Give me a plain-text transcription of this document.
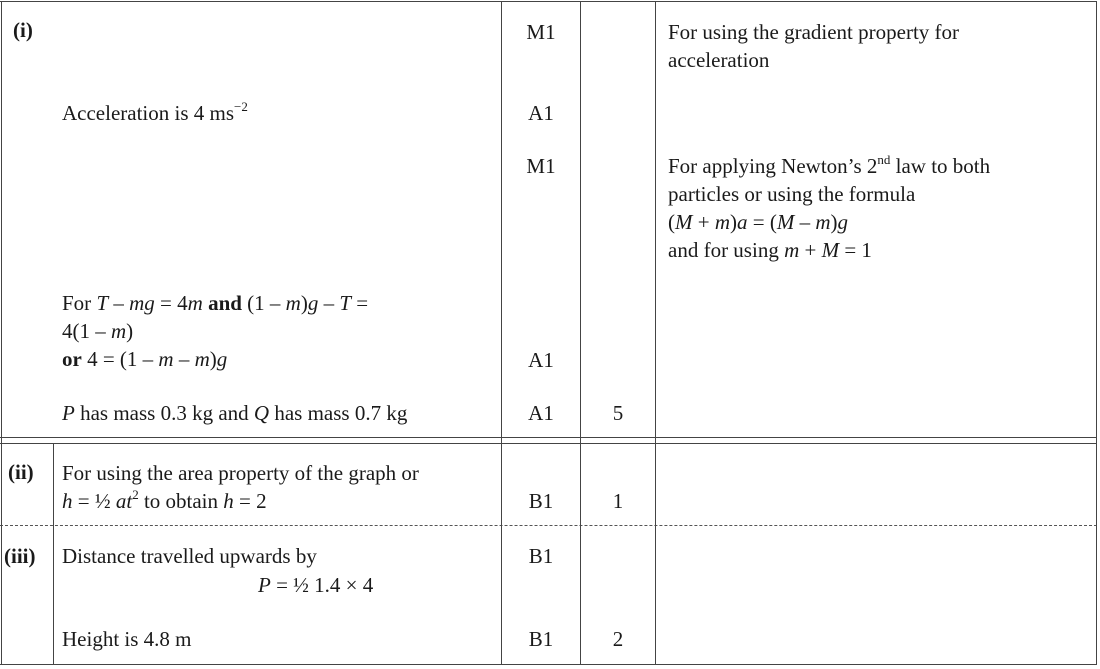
(i)	M1	For using the gradient property for
acceleration
Acceleration is 4 $ms^{-2}$	A1
M1	For applying Newton’s 2nd law to both
particles or using the formula
(M + m)a = (M – m)g
and for using m + M = 1
For T – mg = 4m and (1 – m)g – T =
4(1 – m)
or 4 = (1 – m – m)g	A1
P has mass 0.3 kg and Q has mass 0.7 kg	A1	5
(ii) For using the area property of the graph or
h = ½ $at^2$ to obtain h = 2	B1	1
(iii) Distance travelled upwards by
P = ½ 1.4 × 4
B1
Height is 4.8 m	B1	2
